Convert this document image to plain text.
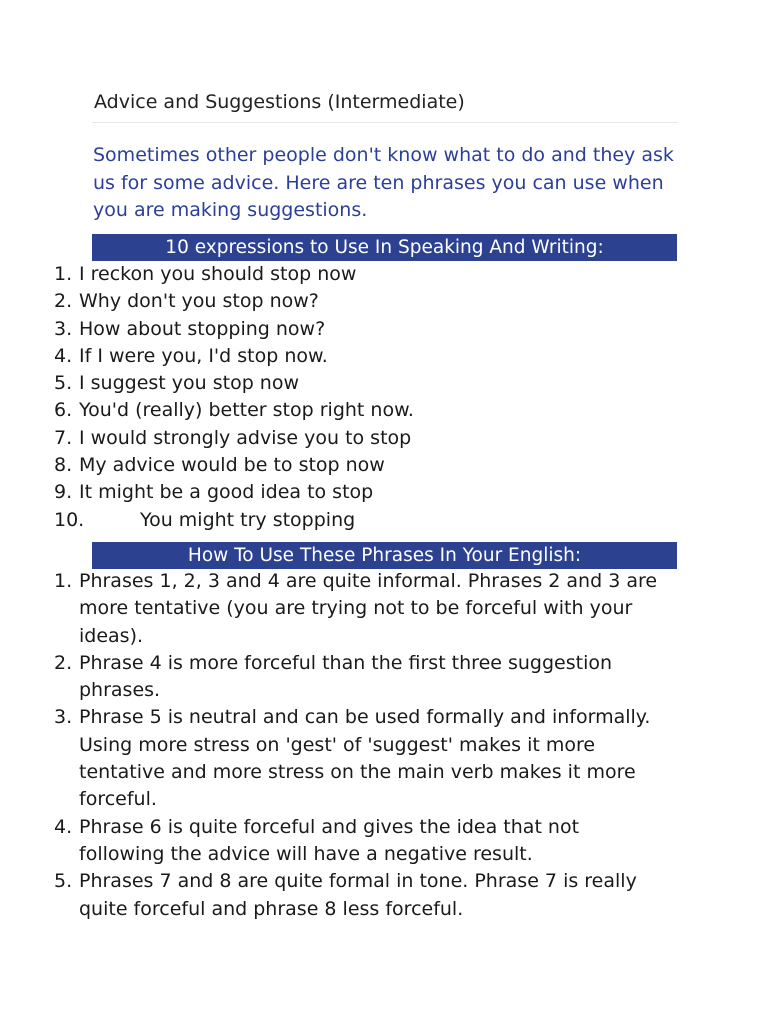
Advice and Suggestions (Intermediate)

Sometimes other people don't know what to do and they ask us for some advice. Here are ten phrases you can use when you are making suggestions.

10 expressions to Use In Speaking And Writing:
1. I reckon you should stop now
2. Why don't you stop now?
3. How about stopping now?
4. If I were you, I'd stop now.
5. I suggest you stop now
6. You'd (really) better stop right now.
7. I would strongly advise you to stop
8. My advice would be to stop now
9. It might be a good idea to stop
10.	You might try stopping
How To Use These Phrases In Your English:
1. Phrases 1, 2, 3 and 4 are quite informal. Phrases 2 and 3 are more tentative (you are trying not to be forceful with your ideas).
2. Phrase 4 is more forceful than the first three suggestion phrases.
3. Phrase 5 is neutral and can be used formally and informally. Using more stress on 'gest' of 'suggest' makes it more tentative and more stress on the main verb makes it more forceful.
4. Phrase 6 is quite forceful and gives the idea that not following the advice will have a negative result.
5. Phrases 7 and 8 are quite formal in tone. Phrase 7 is really quite forceful and phrase 8 less forceful.
